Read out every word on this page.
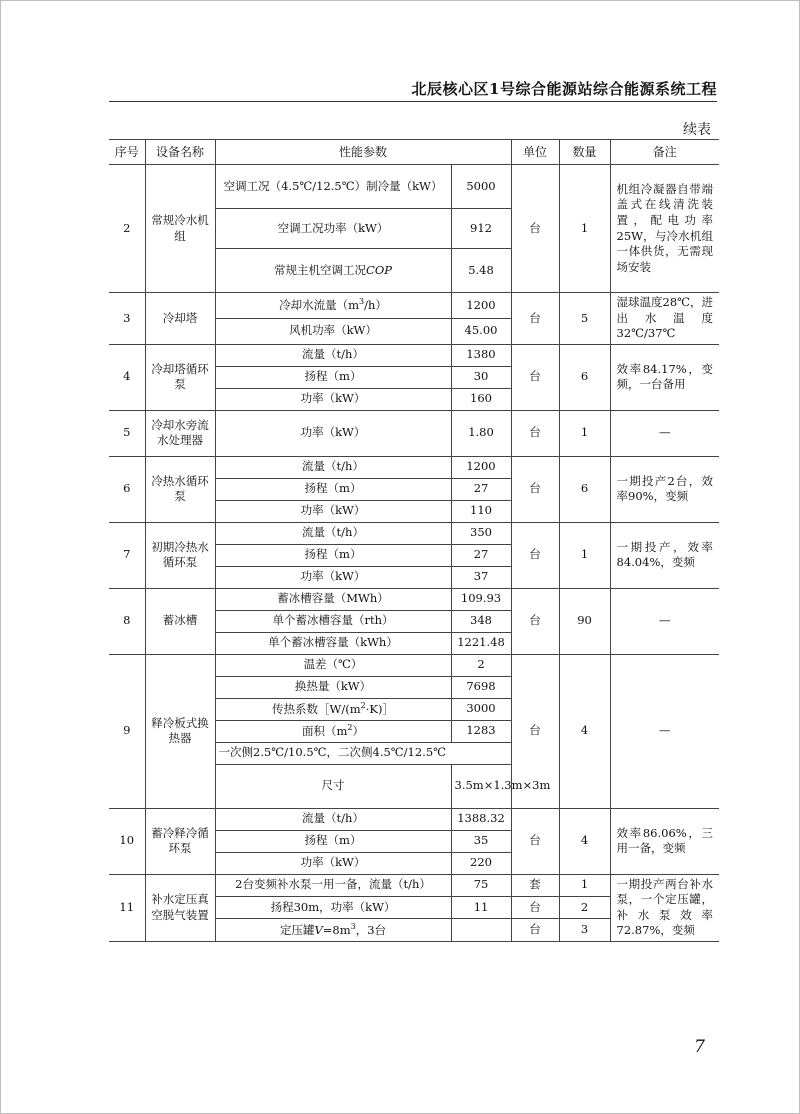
北辰核心区1号综合能源站综合能源系统工程
续表
序号	设备名称	性能参数		单位	数量	备注
2	常规冷水机组	空调工况（4.5℃/12.5℃）制冷量（kW）	5000	台	1	机组冷凝器自带端盖式在线清洗装置，配电功率25W，与冷水机组一体供货，无需现场安装
		空调工况功率（kW）	912			
		常规主机空调工况COP	5.48			
3	冷却塔	冷却水流量$(m^3/h)$	1200	台	5	湿球温度28℃，进出水温度32℃/37℃
		风机功率（kW）	45.00			
4	冷却塔循环泵	流量（t/h）	1380	台	6	效率84.17%，变频，一台备用
		扬程（m）	30			
		功率（kW）	160			
5	冷却水旁流水处理器	功率（kW）	1.80	台	1	—
6	冷热水循环泵	流量（t/h）	1200	台	6	一期投产2台，效率90%，变频
		扬程（m）	27			
		功率（kW）	110			
7	初期冷热水循环泵	流量（t/h）	350	台	1	一期投产，效率84.04%，变频
		扬程（m）	27			
		功率（kW）	37			
8	蓄冰槽	蓄冰槽容量（MWh）	109.93	台	90	—
		单个蓄冰槽容量（rth）	348			
		单个蓄冰槽容量（kWh）	1221.48			
9	释冷板式换热器	温差（℃）	2	台	4	—
		换热量（kW）	7698			
		传热系数$[W/(m^2\cdot K)]$	3000			
		面积$(m^2)$	1283			
		一次侧2.5℃/10.5℃，二次侧4.5℃/12.5℃				
		尺寸	3.5m×1.3m×3m			
10	蓄冷释冷循环泵	流量（t/h）	1388.32	台	4	效率86.06%，三用一备，变频
		扬程（m）	35			
		功率（kW）	220			
11	补水定压真空脱气装置	2台变频补水泵一用一备，流量（t/h）	75	套	1	一期投产两台补水泵，一个定压罐，补水泵效率72.87%，变频
		扬程30m，功率（kW）	11	台	2	
		定压罐$V=8m^3$，3台		台	3	
7
